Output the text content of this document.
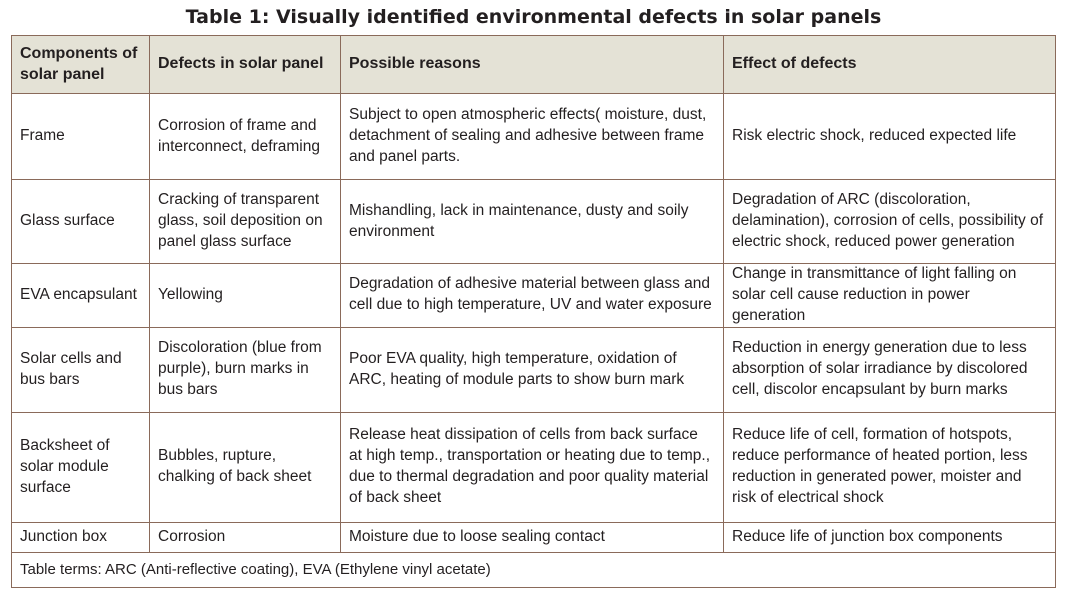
Table 1: Visually identified environmental defects in solar panels
Components of solar panel	Defects in solar panel	Possible reasons	Effect of defects
Frame	Corrosion of frame and interconnect, deframing	Subject to open atmospheric effects( moisture, dust, detachment of sealing and adhesive between frame and panel parts.	Risk electric shock, reduced expected life
Glass surface	Cracking of transparent glass, soil deposition on panel glass surface	Mishandling, lack in maintenance, dusty and soily environment	Degradation of ARC (discoloration, delamination), corrosion of cells, possibility of electric shock, reduced power generation
EVA encapsulant	Yellowing	Degradation of adhesive material between glass and cell due to high temperature, UV and water exposure	Change in transmittance of light falling on solar cell cause reduction in power generation
Solar cells and bus bars	Discoloration (blue from purple), burn marks in bus bars	Poor EVA quality, high temperature, oxidation of ARC, heating of module parts to show burn mark	Reduction in energy generation due to less absorption of solar irradiance by discolored cell, discolor encapsulant by burn marks
Backsheet of solar module surface	Bubbles, rupture, chalking of back sheet	Release heat dissipation of cells from back surface at high temp., transportation or heating due to temp., due to thermal degradation and poor quality material of back sheet	Reduce life of cell, formation of hotspots, reduce performance of heated portion, less reduction in generated power, moister and risk of electrical shock
Junction box	Corrosion	Moisture due to loose sealing contact	Reduce life of junction box components
Table terms: ARC (Anti-reflective coating), EVA (Ethylene vinyl acetate)			
